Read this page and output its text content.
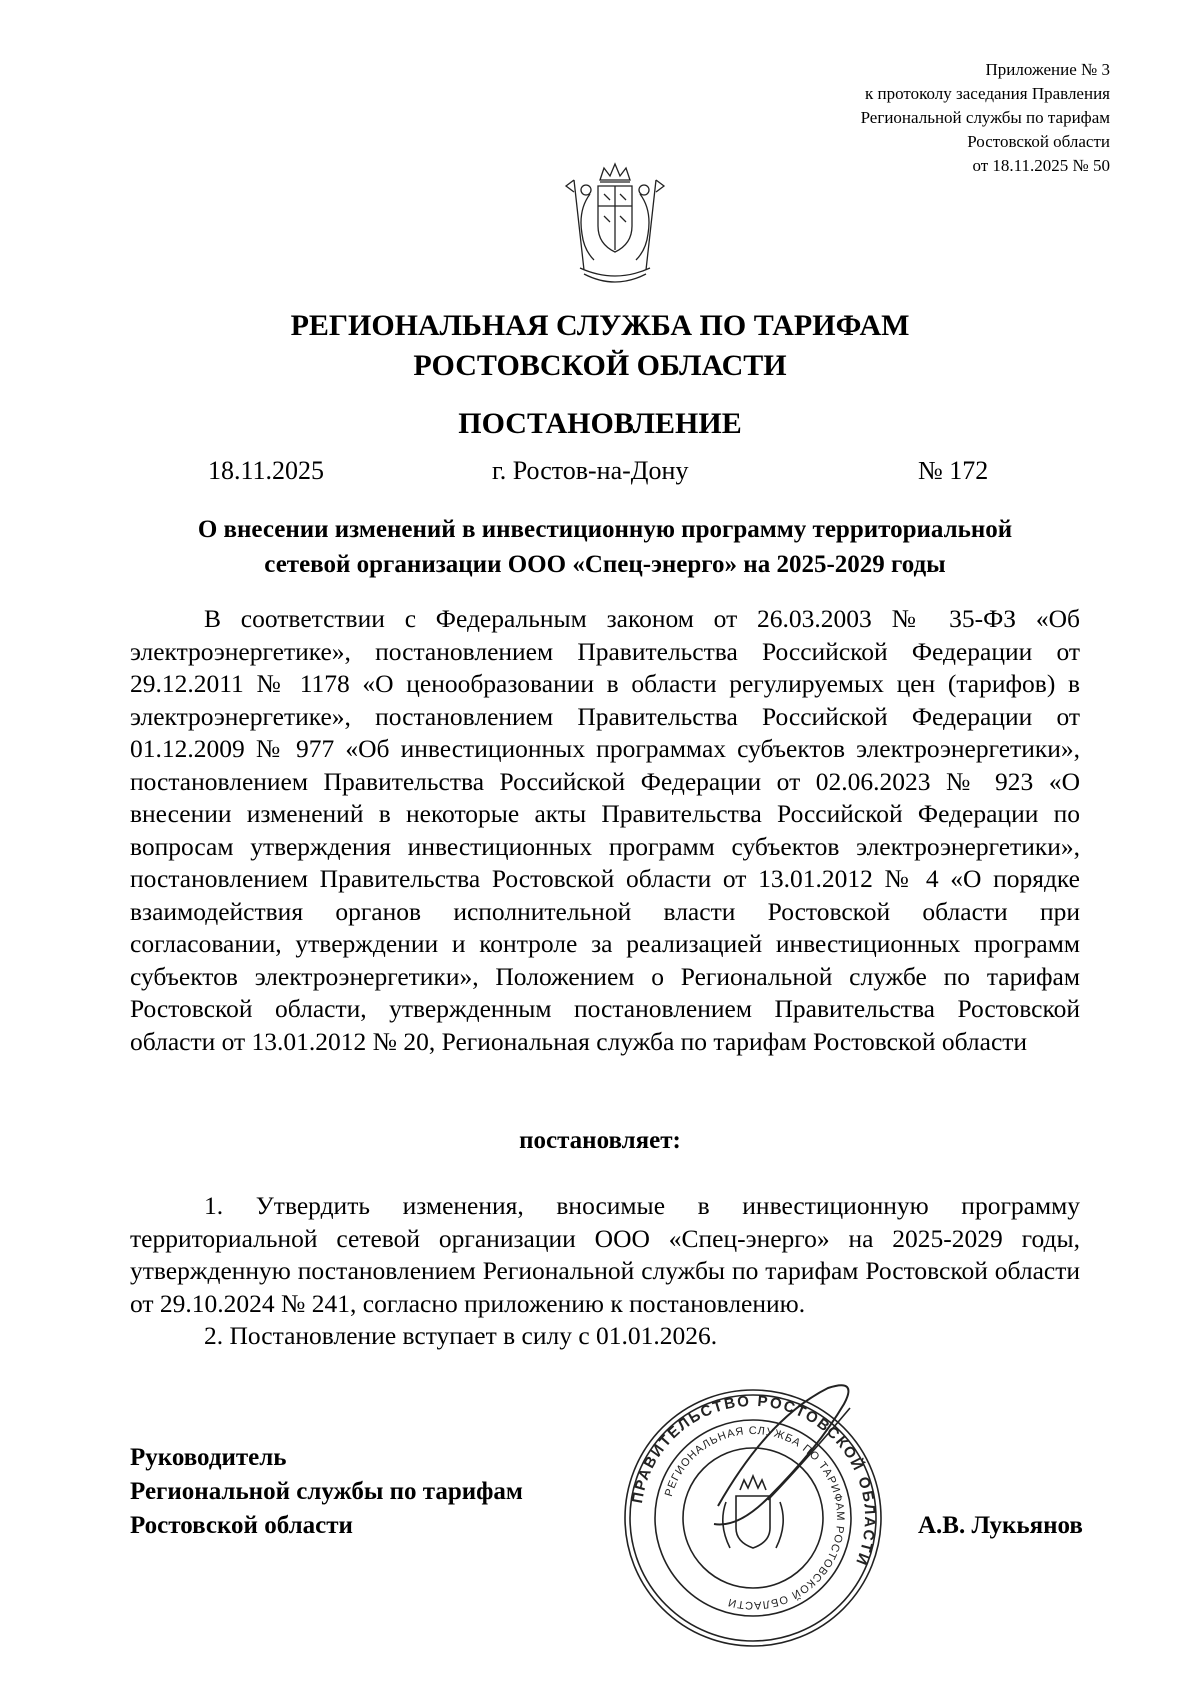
Приложение № 3
к протоколу заседания Правления
Региональной службы по тарифам
Ростовской области
от 18.11.2025 № 50
РЕГИОНАЛЬНАЯ СЛУЖБА ПО ТАРИФАМ
РОСТОВСКОЙ ОБЛАСТИ
ПОСТАНОВЛЕНИЕ
18.11.2025	г. Ростов-на-Дону	№ 172
О внесении изменений в инвестиционную программу территориальной
сетевой организации ООО «Спец-энерго» на 2025-2029 годы
В соответствии с Федеральным законом от 26.03.2003 № 35-ФЗ «Об электроэнергетике», постановлением Правительства Российской Федерации от 29.12.2011 № 1178 «О ценообразовании в области регулируемых цен (тарифов) в электроэнергетике», постановлением Правительства Российской Федерации от 01.12.2009 № 977 «Об инвестиционных программах субъектов электроэнергетики», постановлением Правительства Российской Федерации от 02.06.2023 № 923 «О внесении изменений в некоторые акты Правительства Российской Федерации по вопросам утверждения инвестиционных программ субъектов электроэнергетики», постановлением Правительства Ростовской области от 13.01.2012 № 4 «О порядке взаимодействия органов исполнительной власти Ростовской области при согласовании, утверждении и контроле за реализацией инвестиционных программ субъектов электроэнергетики», Положением о Региональной службе по тарифам Ростовской области, утвержденным постановлением Правительства Ростовской области от 13.01.2012 № 20, Региональная служба по тарифам Ростовской области
постановляет:

1. Утвердить изменения, вносимые в инвестиционную программу территориальной сетевой организации ООО «Спец-энерго» на 2025-2029 годы, утвержденную постановлением Региональной службы по тарифам Ростовской области от 29.10.2024 № 241, согласно приложению к постановлению.

2. Постановление вступает в силу с 01.01.2026.

Руководитель
Региональной службы по тарифам
Ростовской области
ПРАВИТЕЛЬСТВО РОСТОВСКОЙ ОБЛАСТИ
РЕГИОНАЛЬНАЯ СЛУЖБА ПО ТАРИФАМ РОСТОВСКОЙ ОБЛАСТИ
А.В. Лукьянов
